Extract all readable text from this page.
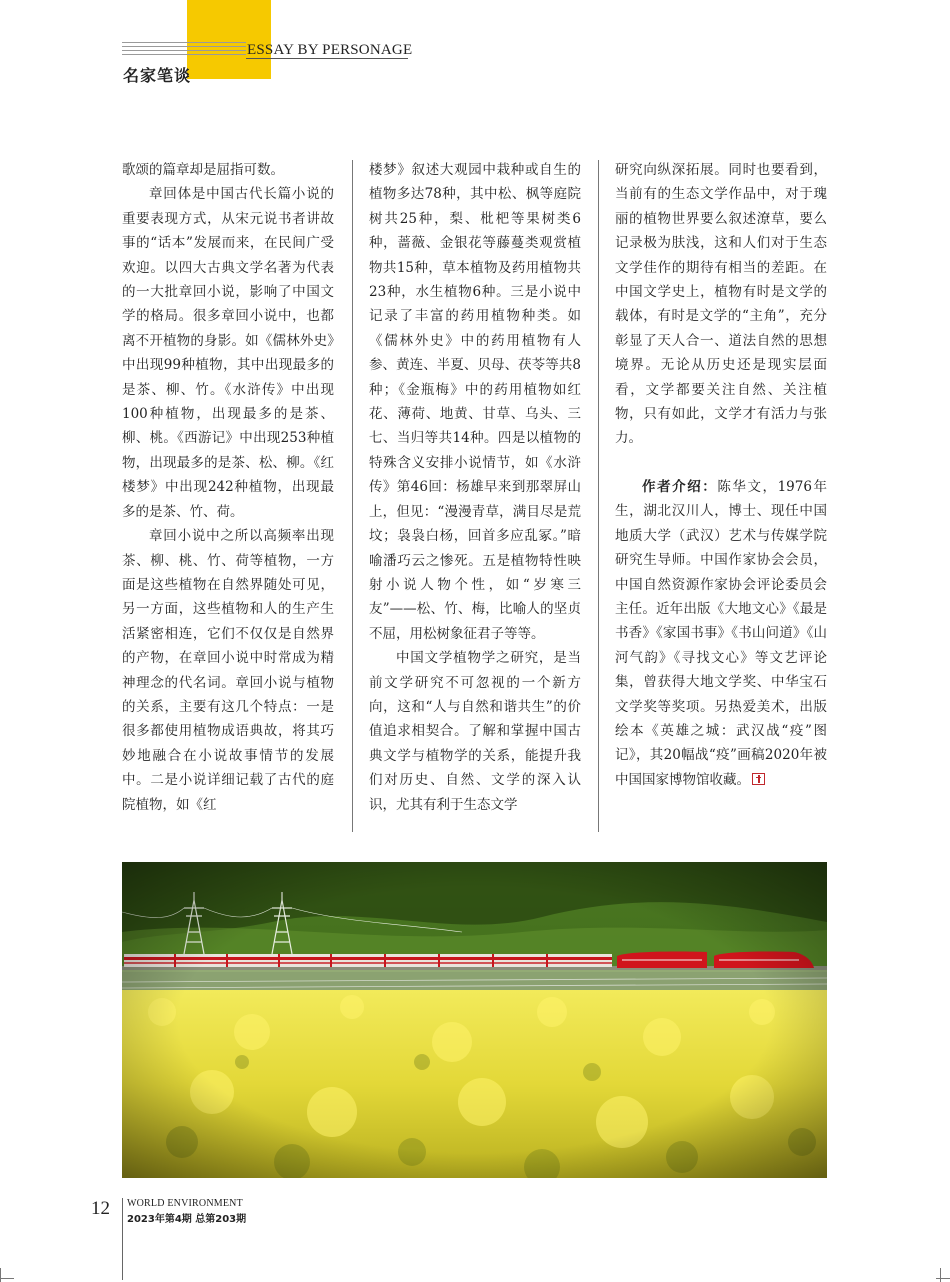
ESSAY BY PERSONAGE
名家笔谈

歌颂的篇章却是屈指可数。

章回体是中国古代长篇小说的重要表现方式，从宋元说书者讲故事的“话本”发展而来，在民间广受欢迎。以四大古典文学名著为代表的一大批章回小说，影响了中国文学的格局。很多章回小说中，也都离不开植物的身影。如《儒林外史》中出现99种植物，其中出现最多的是茶、柳、竹。《水浒传》中出现100种植物，出现最多的是茶、柳、桃。《西游记》中出现253种植物，出现最多的是茶、松、柳。《红楼梦》中出现242种植物，出现最多的是茶、竹、荷。

章回小说中之所以高频率出现茶、柳、桃、竹、荷等植物，一方面是这些植物在自然界随处可见，另一方面，这些植物和人的生产生活紧密相连，它们不仅仅是自然界的产物，在章回小说中时常成为精神理念的代名词。章回小说与植物的关系，主要有这几个特点：一是很多都使用植物成语典故，将其巧妙地融合在小说故事情节的发展中。二是小说详细记载了古代的庭院植物，如《红

楼梦》叙述大观园中栽种或自生的植物多达78种，其中松、枫等庭院树共25种，梨、枇杷等果树类6种，蔷薇、金银花等藤蔓类观赏植物共15种，草本植物及药用植物共23种，水生植物6种。三是小说中记录了丰富的药用植物种类。如《儒林外史》中的药用植物有人参、黄连、半夏、贝母、茯苓等共8种；《金瓶梅》中的药用植物如红花、薄荷、地黄、甘草、乌头、三七、当归等共14种。四是以植物的特殊含义安排小说情节，如《水浒传》第46回：杨雄早来到那翠屏山上，但见：“漫漫青草，满目尽是荒坟；袅袅白杨，回首多应乱冢。”暗喻潘巧云之惨死。五是植物特性映射小说人物个性，如“岁寒三友”——松、竹、梅，比喻人的坚贞不屈，用松树象征君子等等。

中国文学植物学之研究，是当前文学研究不可忽视的一个新方向，这和“人与自然和谐共生”的价值追求相契合。了解和掌握中国古典文学与植物学的关系，能提升我们对历史、自然、文学的深入认识，尤其有利于生态文学

研究向纵深拓展。同时也要看到，当前有的生态文学作品中，对于瑰丽的植物世界要么叙述潦草，要么记录极为肤浅，这和人们对于生态文学佳作的期待有相当的差距。在中国文学史上，植物有时是文学的载体，有时是文学的“主角”，充分彰显了天人合一、道法自然的思想境界。无论从历史还是现实层面看，文学都要关注自然、关注植物，只有如此，文学才有活力与张力。

作者介绍：陈华文，1976年生，湖北汉川人，博士、现任中国地质大学（武汉）艺术与传媒学院研究生导师。中国作家协会会员，中国自然资源作家协会评论委员会主任。近年出版《大地文心》《最是书香》《家国书事》《书山问道》《山河气韵》《寻找文心》等文艺评论集，曾获得大地文学奖、中华宝石文学奖等奖项。另热爱美术，出版绘本《英雄之城：武汉战“疫”图记》，其20幅战“疫”画稿2020年被中国国家博物馆收藏。

12 WORLD ENVIRONMENT
2023年第4期 总第203期
